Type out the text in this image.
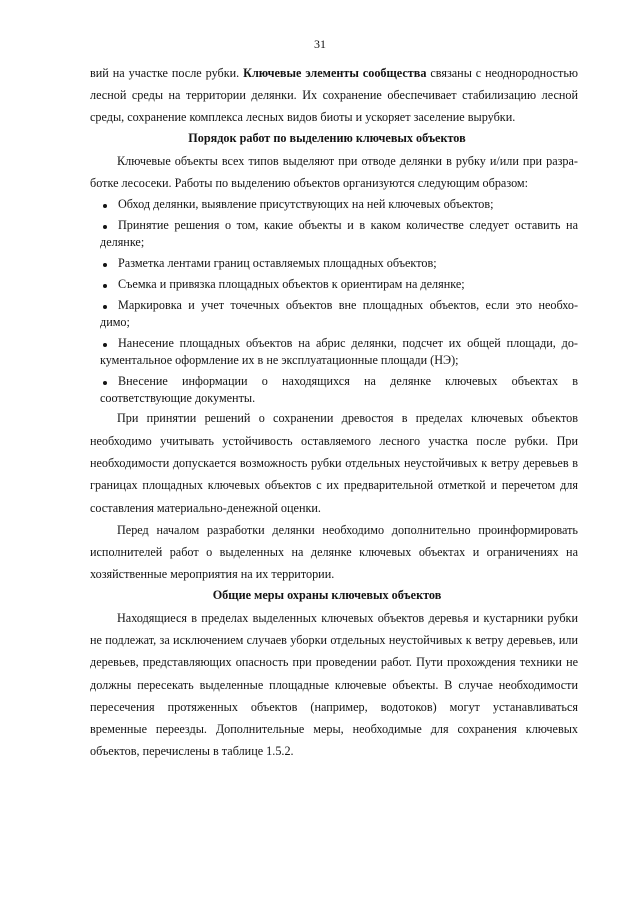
31
вий на участке после рубки. Ключевые элементы сообщества связаны с неоднородностью
лесной среды на территории делянки. Их сохранение обеспечивает стабилизацию лесной
среды, сохранение комплекса лесных видов биоты и ускоряет заселение вырубки.
Порядок работ по выделению ключевых объектов
Ключевые объекты всех типов выделяют при отводе делянки в рубку и/или при разра-
ботке лесосеки. Работы по выделению объектов организуются следующим образом:
Обход делянки, выявление присутствующих на ней ключевых объектов;
Принятие решения о том, какие объекты и в каком количестве следует оставить на
делянке;
Разметка лентами границ оставляемых площадных объектов;
Съемка и привязка площадных объектов к ориентирам на делянке;
Маркировка и учет точечных объектов вне площадных объектов, если это необхо-
димо;
Нанесение площадных объектов на абрис делянки, подсчет их общей площади, до-
кументальное оформление их в не эксплуатационные площади (НЭ);
Внесение информации о находящихся на делянке ключевых объектах в
соответствующие документы.
При принятии решений о сохранении древостоя в пределах ключевых объектов
необходимо учитывать устойчивость оставляемого лесного участка после рубки. При
необходимости допускается возможность рубки отдельных неустойчивых к ветру деревьев в
границах площадных ключевых объектов с их предварительной отметкой и перечетом для
составления материально-денежной оценки.
Перед началом разработки делянки необходимо дополнительно проинформировать
исполнителей работ о выделенных на делянке ключевых объектах и ограничениях на
хозяйственные мероприятия на их территории.
Общие меры охраны ключевых объектов
Находящиеся в пределах выделенных ключевых объектов деревья и кустарники рубки
не подлежат, за исключением случаев уборки отдельных неустойчивых к ветру деревьев, или
деревьев, представляющих опасность при проведении работ. Пути прохождения техники не
должны пересекать выделенные площадные ключевые объекты. В случае необходимости
пересечения протяженных объектов (например, водотоков) могут устанавливаться
временные переезды. Дополнительные меры, необходимые для сохранения ключевых
объектов, перечислены в таблице 1.5.2.
